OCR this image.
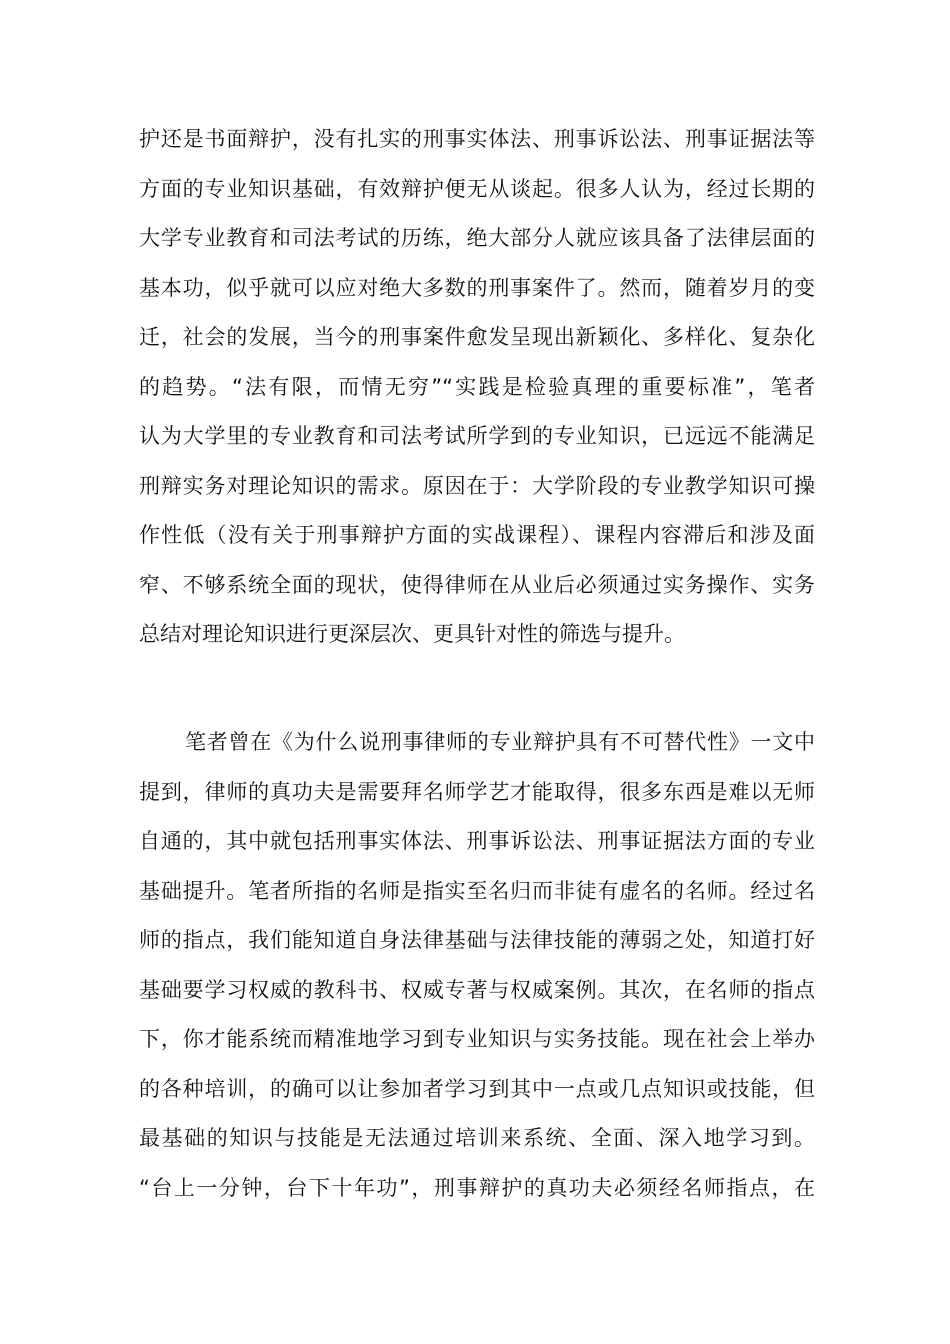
护还是书面辩护，没有扎实的刑事实体法、刑事诉讼法、刑事证据法等
方面的专业知识基础，有效辩护便无从谈起。很多人认为，经过长期的
大学专业教育和司法考试的历练，绝大部分人就应该具备了法律层面的
基本功，似乎就可以应对绝大多数的刑事案件了。然而，随着岁月的变
迁，社会的发展，当今的刑事案件愈发呈现出新颖化、多样化、复杂化
的趋势。“法有限，而情无穷”“实践是检验真理的重要标准”，笔者
认为大学里的专业教育和司法考试所学到的专业知识，已远远不能满足
刑辩实务对理论知识的需求。原因在于：大学阶段的专业教学知识可操
作性低（没有关于刑事辩护方面的实战课程）、课程内容滞后和涉及面
窄、不够系统全面的现状，使得律师在从业后必须通过实务操作、实务
总结对理论知识进行更深层次、更具针对性的筛选与提升。
笔者曾在《为什么说刑事律师的专业辩护具有不可替代性》一文中
提到，律师的真功夫是需要拜名师学艺才能取得，很多东西是难以无师
自通的，其中就包括刑事实体法、刑事诉讼法、刑事证据法方面的专业
基础提升。笔者所指的名师是指实至名归而非徒有虚名的名师。经过名
师的指点，我们能知道自身法律基础与法律技能的薄弱之处，知道打好
基础要学习权威的教科书、权威专著与权威案例。其次，在名师的指点
下，你才能系统而精准地学习到专业知识与实务技能。现在社会上举办
的各种培训，的确可以让参加者学习到其中一点或几点知识或技能，但
最基础的知识与技能是无法通过培训来系统、全面、深入地学习到。
“台上一分钟，台下十年功”，刑事辩护的真功夫必须经名师指点，在
